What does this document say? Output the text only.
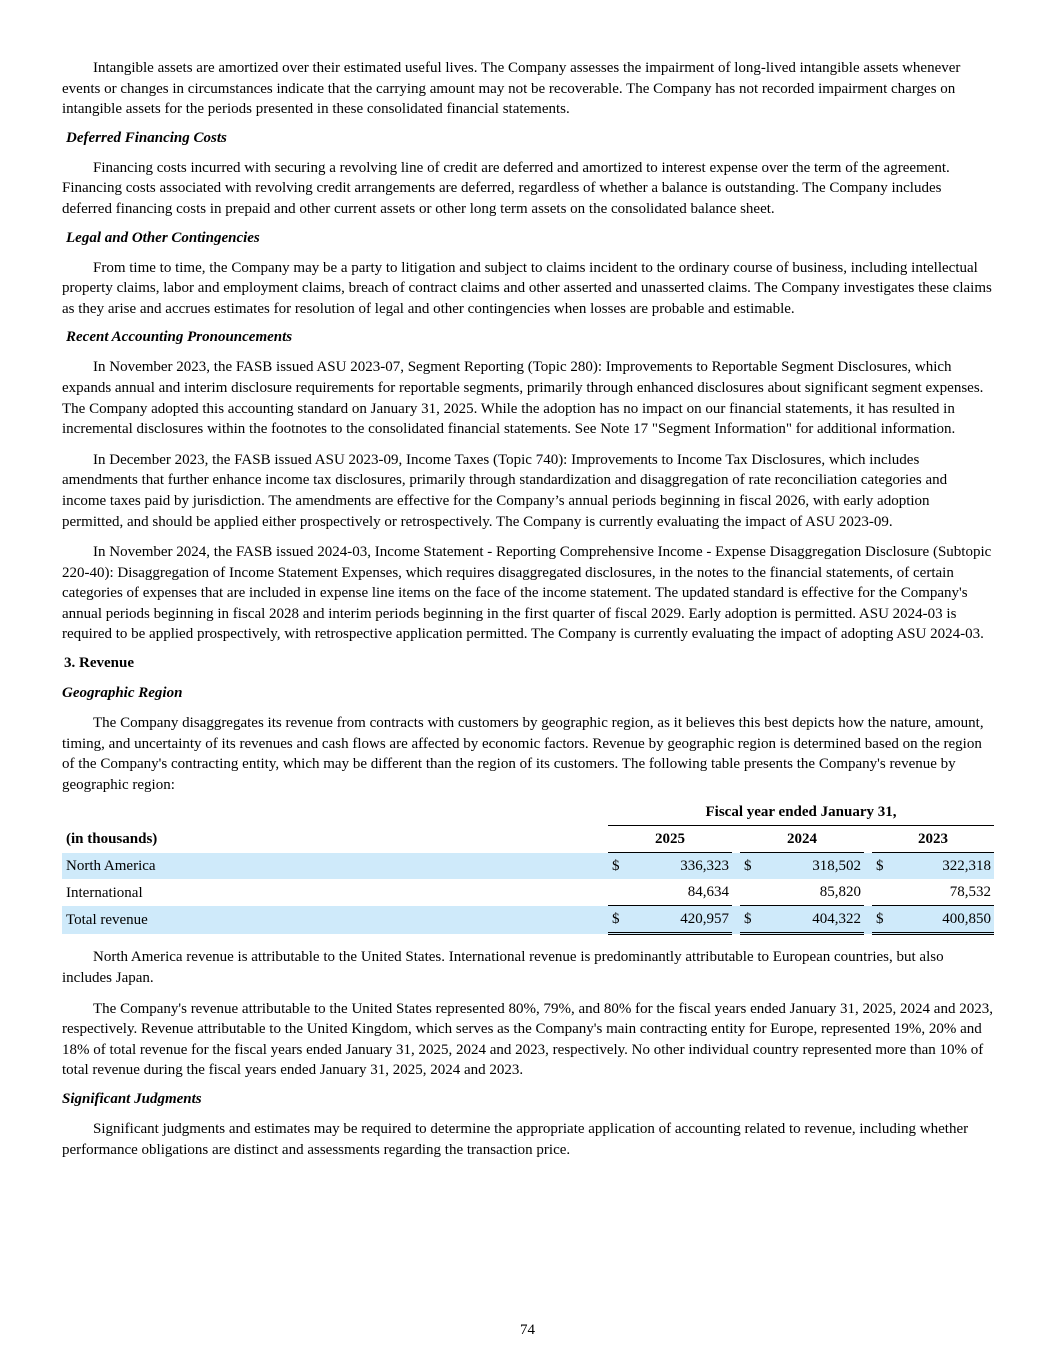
Intangible assets are amortized over their estimated useful lives. The Company assesses the impairment of long-lived intangible assets whenever events or changes in circumstances indicate that the carrying amount may not be recoverable. The Company has not recorded impairment charges on intangible assets for the periods presented in these consolidated financial statements.

Deferred Financing Costs

Financing costs incurred with securing a revolving line of credit are deferred and amortized to interest expense over the term of the agreement. Financing costs associated with revolving credit arrangements are deferred, regardless of whether a balance is outstanding. The Company includes deferred financing costs in prepaid and other current assets or other long term assets on the consolidated balance sheet.

Legal and Other Contingencies

From time to time, the Company may be a party to litigation and subject to claims incident to the ordinary course of business, including intellectual property claims, labor and employment claims, breach of contract claims and other asserted and unasserted claims. The Company investigates these claims as they arise and accrues estimates for resolution of legal and other contingencies when losses are probable and estimable.

Recent Accounting Pronouncements

In November 2023, the FASB issued ASU 2023-07, Segment Reporting (Topic 280): Improvements to Reportable Segment Disclosures, which expands annual and interim disclosure requirements for reportable segments, primarily through enhanced disclosures about significant segment expenses. The Company adopted this accounting standard on January 31, 2025. While the adoption has no impact on our financial statements, it has resulted in incremental disclosures within the footnotes to the consolidated financial statements. See Note 17 "Segment Information" for additional information.

In December 2023, the FASB issued ASU 2023-09, Income Taxes (Topic 740): Improvements to Income Tax Disclosures, which includes amendments that further enhance income tax disclosures, primarily through standardization and disaggregation of rate reconciliation categories and income taxes paid by jurisdiction. The amendments are effective for the Company’s annual periods beginning in fiscal 2026, with early adoption permitted, and should be applied either prospectively or retrospectively. The Company is currently evaluating the impact of ASU 2023-09.

In November 2024, the FASB issued 2024-03, Income Statement - Reporting Comprehensive Income - Expense Disaggregation Disclosure (Subtopic 220-40): Disaggregation of Income Statement Expenses, which requires disaggregated disclosures, in the notes to the financial statements, of certain categories of expenses that are included in expense line items on the face of the income statement. The updated standard is effective for the Company's annual periods beginning in fiscal 2028 and interim periods beginning in the first quarter of fiscal 2029. Early adoption is permitted. ASU 2024-03 is required to be applied prospectively, with retrospective application permitted. The Company is currently evaluating the impact of adopting ASU 2024-03.

3. Revenue
Geographic Region

The Company disaggregates its revenue from contracts with customers by geographic region, as it believes this best depicts how the nature, amount, timing, and uncertainty of its revenues and cash flows are affected by economic factors. Revenue by geographic region is determined based on the region of the Company's contracting entity, which may be different than the region of its customers. The following table presents the Company's revenue by geographic region:

	Fiscal year ended January 31,							
(in thousands)	2025			2024			2023	
North America	$	336,323		$	318,502		$	322,318
International		84,634			85,820			78,532
Total revenue	$	420,957		$	404,322		$	400,850

North America revenue is attributable to the United States. International revenue is predominantly attributable to European countries, but also includes Japan.

The Company's revenue attributable to the United States represented 80%, 79%, and 80% for the fiscal years ended January 31, 2025, 2024 and 2023, respectively. Revenue attributable to the United Kingdom, which serves as the Company's main contracting entity for Europe, represented 19%, 20% and 18% of total revenue for the fiscal years ended January 31, 2025, 2024 and 2023, respectively. No other individual country represented more than 10% of total revenue during the fiscal years ended January 31, 2025, 2024 and 2023.

Significant Judgments

Significant judgments and estimates may be required to determine the appropriate application of accounting related to revenue, including whether performance obligations are distinct and assessments regarding the transaction price.

74
